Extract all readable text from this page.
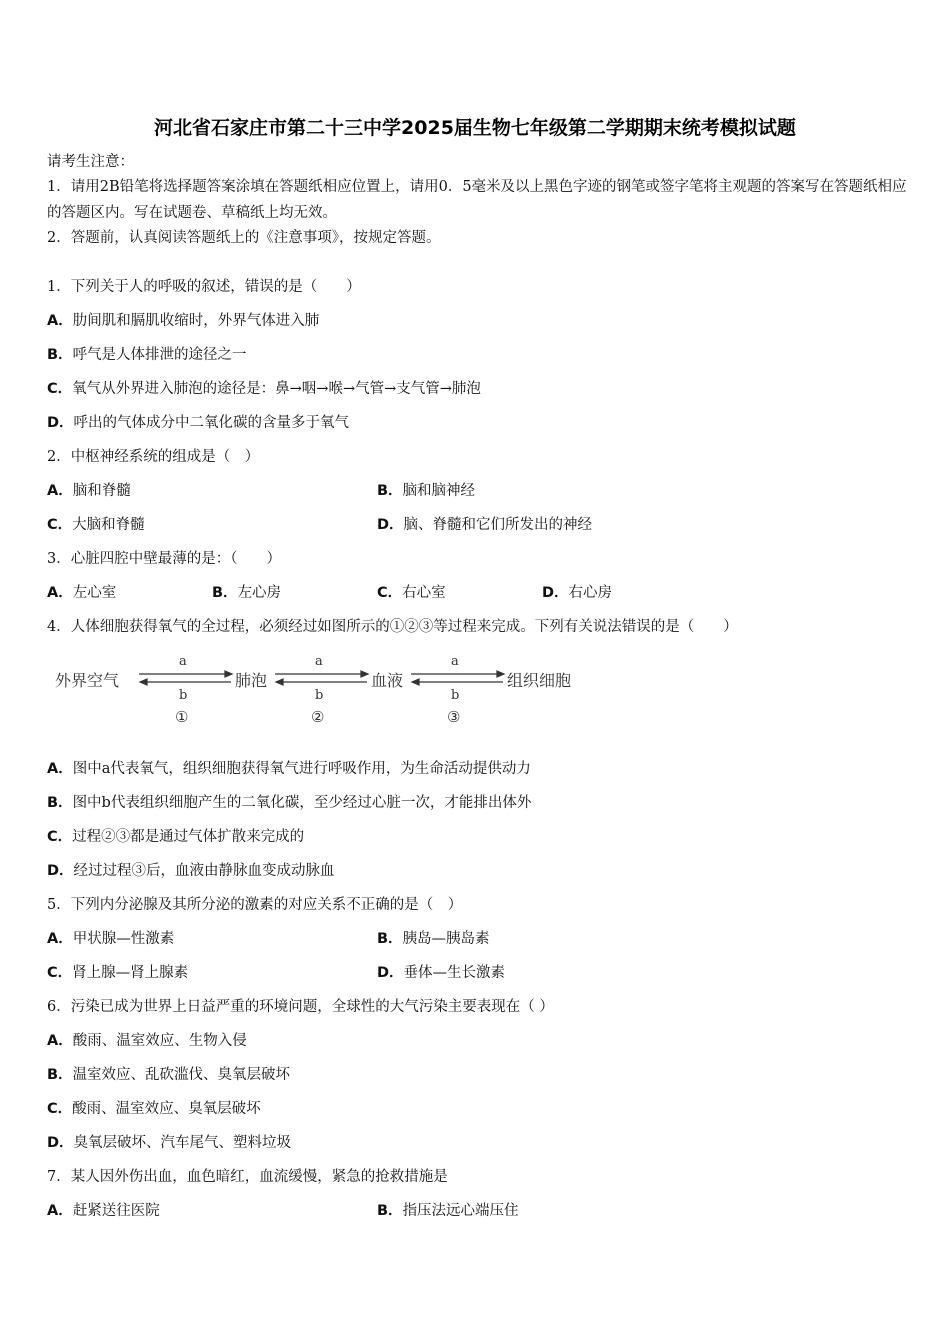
河北省石家庄市第二十三中学2025届生物七年级第二学期期末统考模拟试题
请考生注意：
1．请用2B铅笔将选择题答案涂填在答题纸相应位置上，请用0．5毫米及以上黑色字迹的钢笔或签字笔将主观题的答案写在答题纸相应的答题区内。写在试题卷、草稿纸上均无效。
2．答题前，认真阅读答题纸上的《注意事项》，按规定答题。
1．下列关于人的呼吸的叙述，错误的是（　　）
A．肋间肌和膈肌收缩时，外界气体进入肺
B．呼气是人体排泄的途径之一
C．氧气从外界进入肺泡的途径是：鼻→咽→喉→气管→支气管→肺泡
D．呼出的气体成分中二氧化碳的含量多于氧气
2．中枢神经系统的组成是（　）
A．脑和脊髓	B．脑和脑神经
C．大脑和脊髓	D．脑、脊髓和它们所发出的神经
3．心脏四腔中壁最薄的是：（　　）
A．左心室	B．左心房	C．右心室	D．右心房
4．人体细胞获得氧气的全过程，必须经过如图所示的①②③等过程来完成。下列有关说法错误的是（　　）
外界空气	肺泡	血液	组织细胞
a	a	a
b	b	b
①	②	③
A．图中a代表氧气，组织细胞获得氧气进行呼吸作用，为生命活动提供动力
B．图中b代表组织细胞产生的二氧化碳，至少经过心脏一次，才能排出体外
C．过程②③都是通过气体扩散来完成的
D．经过过程③后，血液由静脉血变成动脉血
5．下列内分泌腺及其所分泌的激素的对应关系不正确的是（　）
A．甲状腺—性激素	B．胰岛—胰岛素
C．肾上腺—肾上腺素	D．垂体—生长激素
6．污染已成为世界上日益严重的环境问题，全球性的大气污染主要表现在（ ）
A．酸雨、温室效应、生物入侵
B．温室效应、乱砍滥伐、臭氧层破坏
C．酸雨、温室效应、臭氧层破坏
D．臭氧层破坏、汽车尾气、塑料垃圾
7．某人因外伤出血，血色暗红，血流缓慢，紧急的抢救措施是
A．赶紧送往医院	B．指压法远心端压住
